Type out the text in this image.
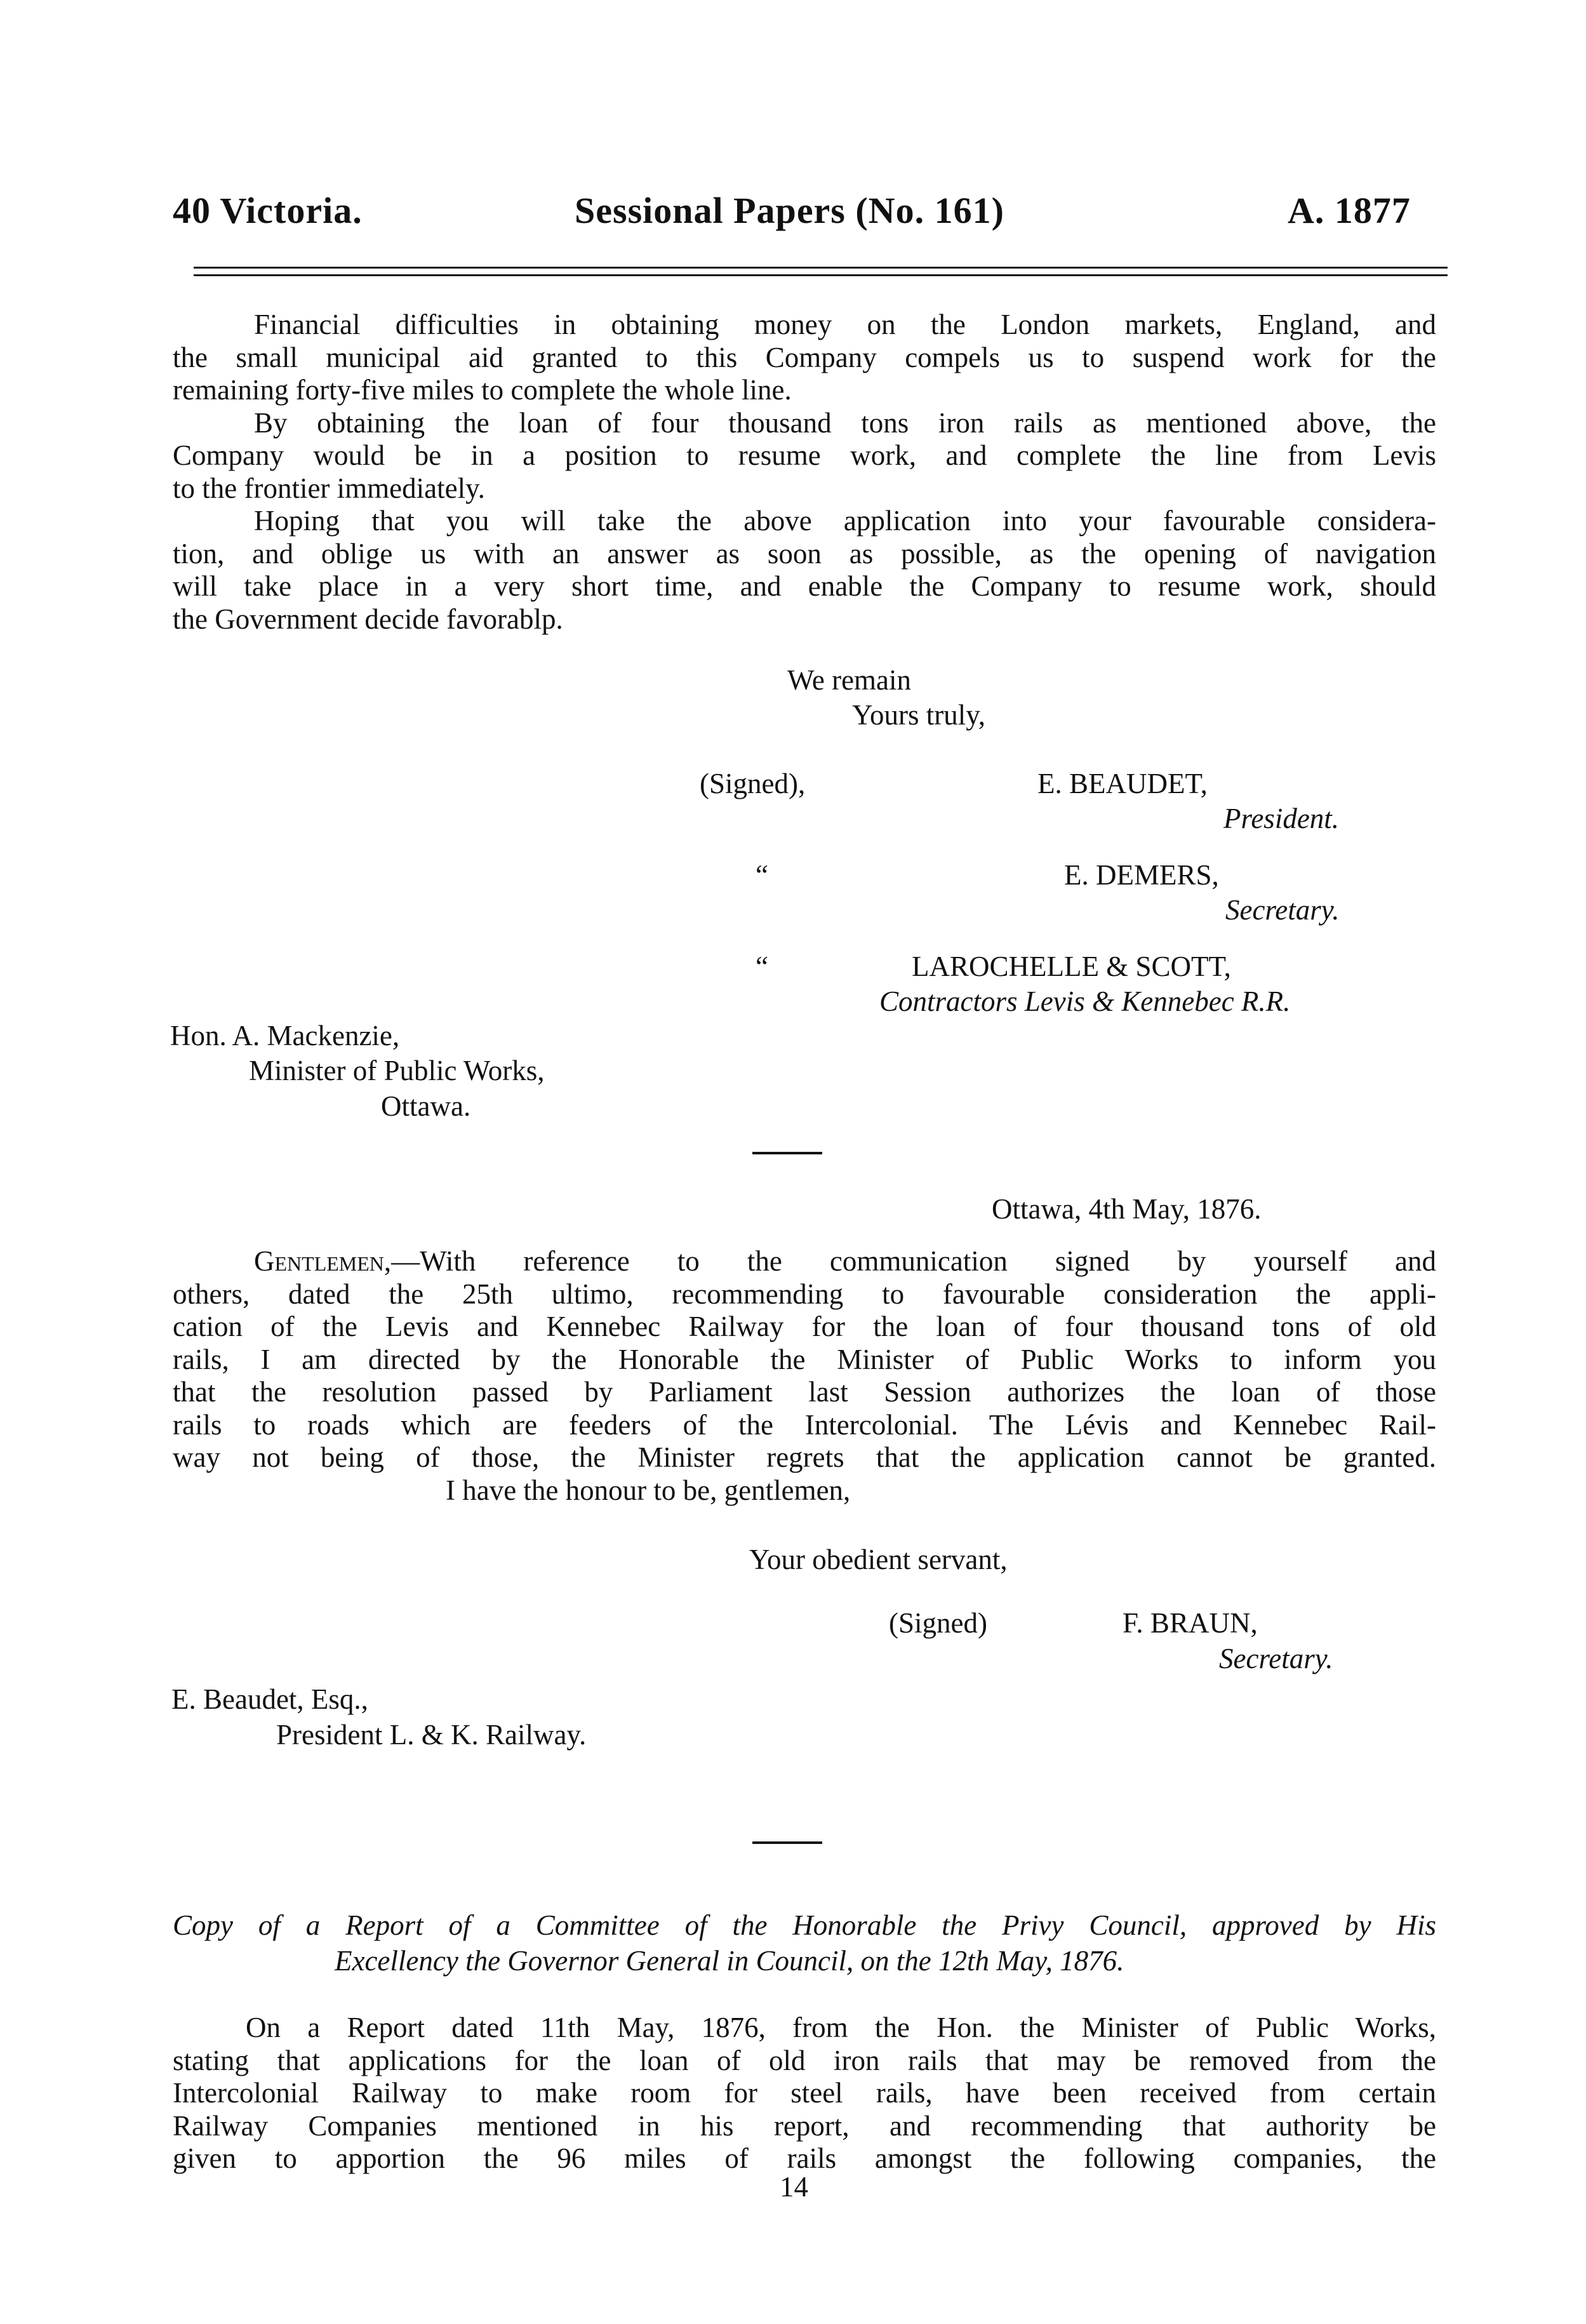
40 Victoria.	Sessional Papers (No. 161)	A. 1877
Financial difficulties in obtaining money on the London markets, England, and
the small municipal aid granted to this Company compels us to suspend work for the
remaining forty-five miles to complete the whole line.
By obtaining the loan of four thousand tons iron rails as mentioned above, the
Company would be in a position to resume work, and complete the line from Levis
to the frontier immediately.
Hoping that you will take the above application into your favourable considera-
tion, and oblige us with an answer as soon as possible, as the opening of navigation
will take place in a very short time, and enable the Company to resume work, should
the Government decide favorablp.
We remain
Yours truly,
(Signed),	E. BEAUDET,
President.
“	E. DEMERS,
Secretary.
“	LAROCHELLE & SCOTT,
Contractors Levis & Kennebec R.R.
Hon. A. Mackenzie,
Minister of Public Works,
Ottawa.
Ottawa, 4th May, 1876.
Gentlemen,—With reference to the communication signed by yourself and
others, dated the 25th ultimo, recommending to favourable consideration the appli-
cation of the Levis and Kennebec Railway for the loan of four thousand tons of old
rails, I am directed by the Honorable the Minister of Public Works to inform you
that the resolution passed by Parliament last Session authorizes the loan of those
rails to roads which are feeders of the Intercolonial. The Lévis and Kennebec Rail-
way not being of those, the Minister regrets that the application cannot be granted.
I have the honour to be, gentlemen,
Your obedient servant,
(Signed)	F. BRAUN,
Secretary.
E. Beaudet, Esq.,
President L. & K. Railway.
Copy of a Report of a Committee of the Honorable the Privy Council, approved by His
Excellency the Governor General in Council, on the 12th May, 1876.
On a Report dated 11th May, 1876, from the Hon. the Minister of Public Works,
stating that applications for the loan of old iron rails that may be removed from the
Intercolonial Railway to make room for steel rails, have been received from certain
Railway Companies mentioned in his report, and recommending that authority be
given to apportion the 96 miles of rails amongst the following companies, the
14
